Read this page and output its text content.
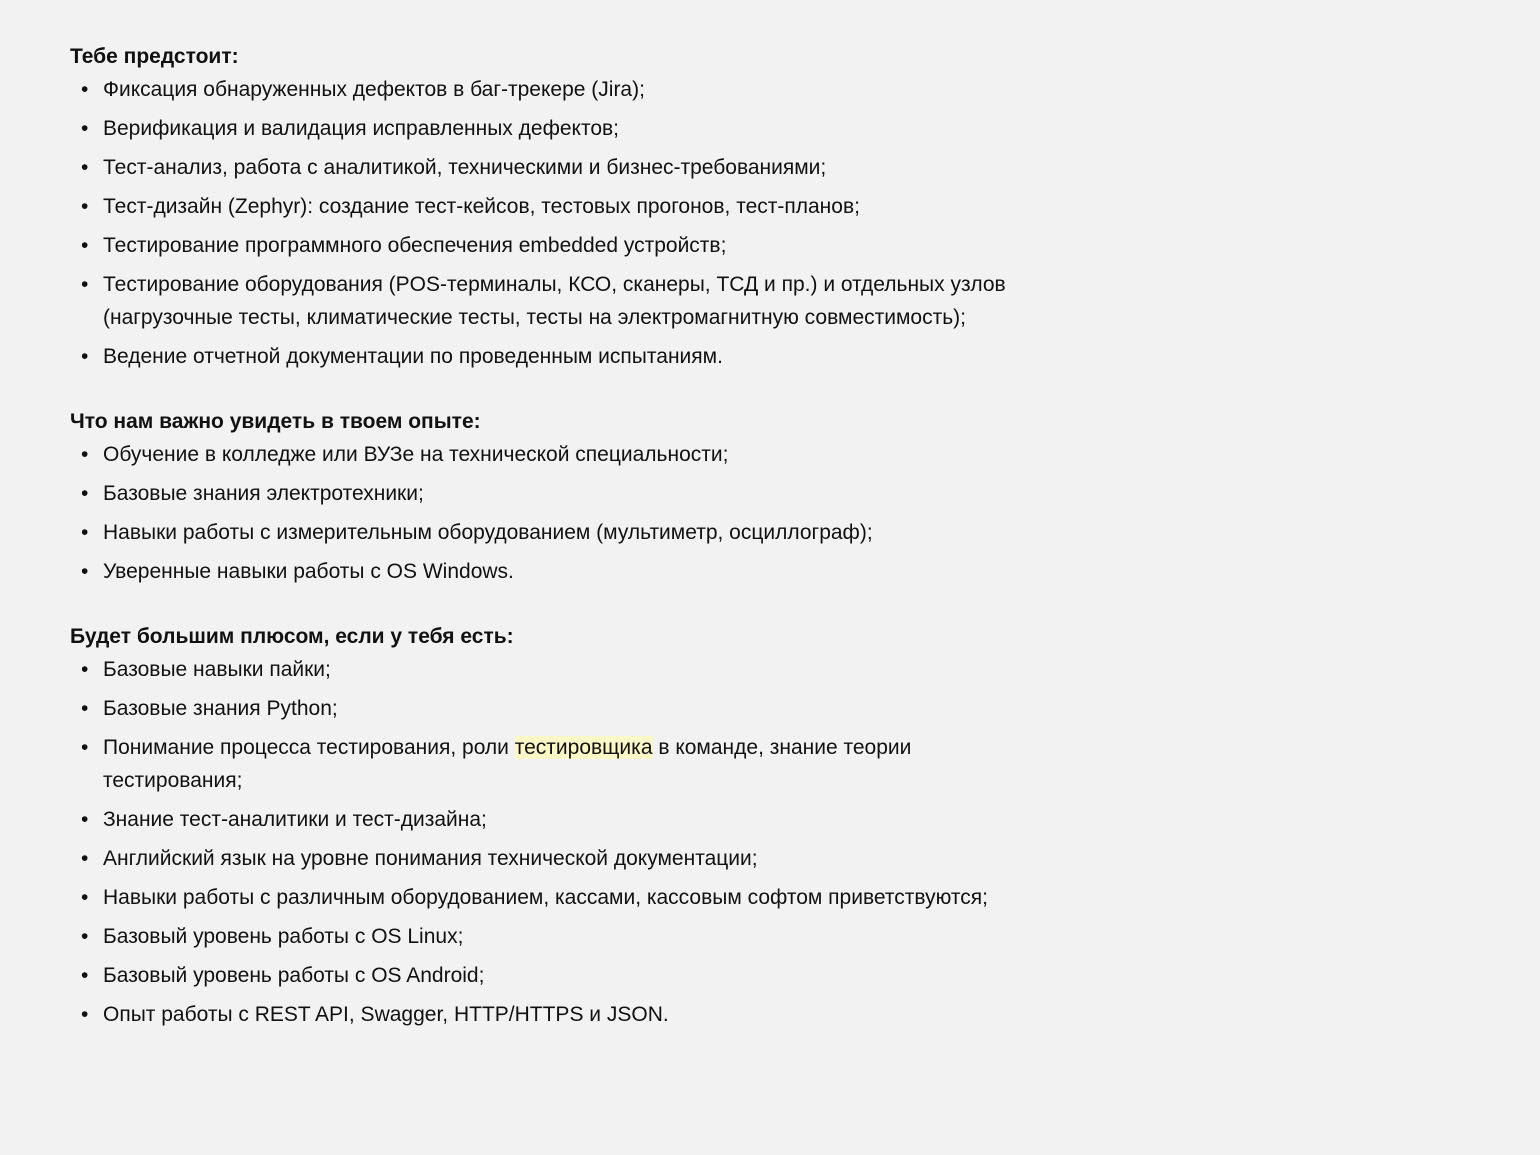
Тебе предстоит:

• Фиксация обнаруженных дефектов в баг-трекере (Jira);
• Верификация и валидация исправленных дефектов;
• Тест-анализ, работа с аналитикой, техническими и бизнес-требованиями;
• Тест-дизайн (Zephyr): создание тест-кейсов, тестовых прогонов, тест-планов;
• Тестирование программного обеспечения embedded устройств;
• Тестирование оборудования (POS-терминалы, КСО, сканеры, ТСД и пр.) и отдельных узлов (нагрузочные тесты, климатические тесты, тесты на электромагнитную совместимость);
• Ведение отчетной документации по проведенным испытаниям.

Что нам важно увидеть в твоем опыте:

• Обучение в колледже или ВУЗе на технической специальности;
• Базовые знания электротехники;
• Навыки работы с измерительным оборудованием (мультиметр, осциллограф);
• Уверенные навыки работы с OS Windows.

Будет большим плюсом, если у тебя есть:

• Базовые навыки пайки;
• Базовые знания Python;
• Понимание процесса тестирования, роли тестировщика в команде, знание теории тестирования;
• Знание тест-аналитики и тест-дизайна;
• Английский язык на уровне понимания технической документации;
• Навыки работы с различным оборудованием, кассами, кассовым софтом приветствуются;
• Базовый уровень работы с OS Linux;
• Базовый уровень работы с OS Android;
• Опыт работы с REST API, Swagger, HTTP/HTTPS и JSON.
